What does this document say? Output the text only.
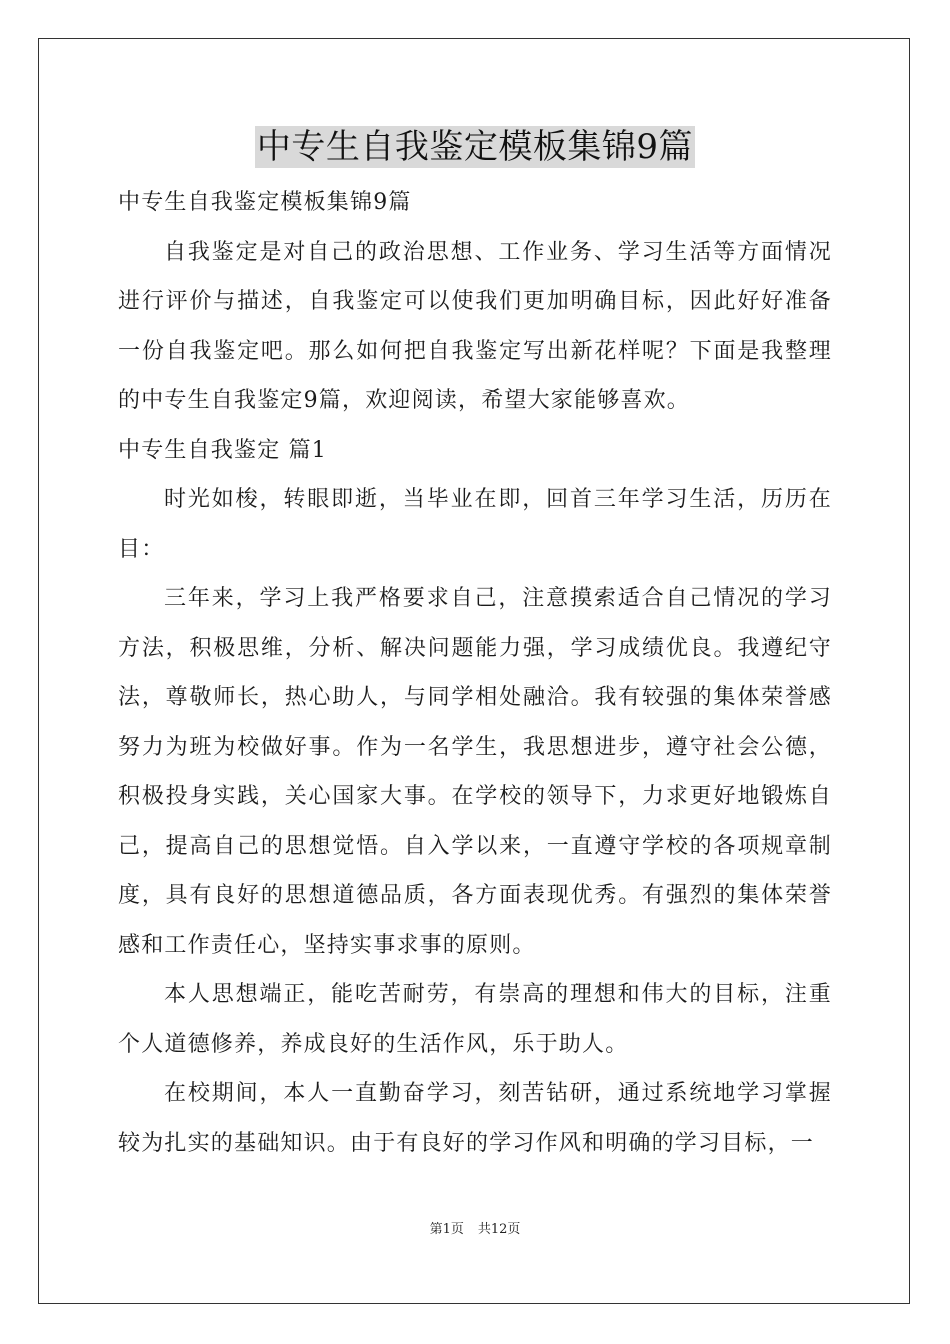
中专生自我鉴定模板集锦9篇

中专生自我鉴定模板集锦9篇

自我鉴定是对自己的政治思想、工作业务、学习生活等方面情况进行评价与描述，自我鉴定可以使我们更加明确目标，因此好好准备一份自我鉴定吧。那么如何把自我鉴定写出新花样呢？下面是我整理的中专生自我鉴定9篇，欢迎阅读，希望大家能够喜欢。

中专生自我鉴定 篇1

时光如梭，转眼即逝，当毕业在即，回首三年学习生活，历历在目：

三年来，学习上我严格要求自己，注意摸索适合自己情况的学习方法，积极思维，分析、解决问题能力强，学习成绩优良。我遵纪守法，尊敬师长，热心助人，与同学相处融洽。我有较强的集体荣誉感努力为班为校做好事。作为一名学生，我思想进步，遵守社会公德，积极投身实践，关心国家大事。在学校的领导下，力求更好地锻炼自己，提高自己的思想觉悟。自入学以来，一直遵守学校的各项规章制度，具有良好的思想道德品质，各方面表现优秀。有强烈的集体荣誉感和工作责任心，坚持实事求事的原则。

本人思想端正，能吃苦耐劳，有崇高的理想和伟大的目标，注重个人道德修养，养成良好的生活作风，乐于助人。

在校期间，本人一直勤奋学习，刻苦钻研，通过系统地学习掌握较为扎实的基础知识。由于有良好的学习作风和明确的学习目标，一

第1页 共12页
